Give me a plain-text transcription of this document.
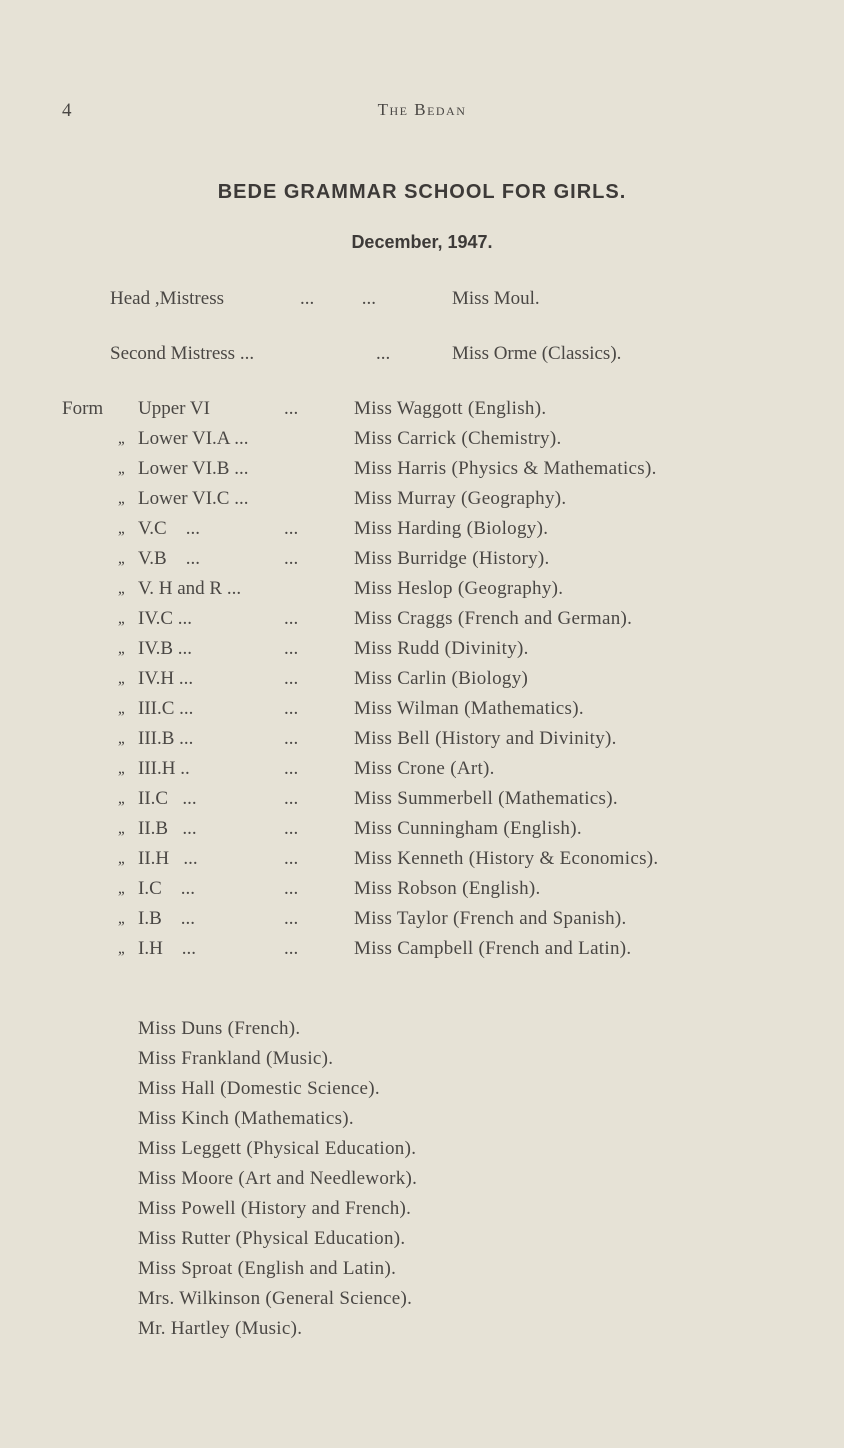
4	The Bedan
BEDE GRAMMAR SCHOOL FOR GIRLS.
December, 1947.
Head ,Mistress	...          ...	Miss Moul.
Second Mistress ...	...	Miss Orme (Classics).
Form Upper VI	...	Miss Waggott (English).
,, Lower VI.A ...	Miss Carrick (Chemistry).
,, Lower VI.B ...	Miss Harris (Physics & Mathematics).
,, Lower VI.C ...	Miss Murray (Geography).
,, V.C    ...	...	Miss Harding (Biology).
,, V.B    ...	...	Miss Burridge (History).
,, V. H and R ...	Miss Heslop (Geography).
,, IV.C ...	...	Miss Craggs (French and German).
,, IV.B ...	...	Miss Rudd (Divinity).
,, IV.H ...	...	Miss Carlin (Biology)
,, III.C ...	...	Miss Wilman (Mathematics).
,, III.B ...	...	Miss Bell (History and Divinity).
,, III.H ..	...	Miss Crone (Art).
,, II.C   ...	...	Miss Summerbell (Mathematics).
,, II.B   ...	...	Miss Cunningham (English).
,, II.H   ...	...	Miss Kenneth (History & Economics).
,, I.C    ...	...	Miss Robson (English).
,, I.B    ...	...	Miss Taylor (French and Spanish).
,, I.H    ...	...	Miss Campbell (French and Latin).
Miss Duns (French).
Miss Frankland (Music).
Miss Hall (Domestic Science).
Miss Kinch (Mathematics).
Miss Leggett (Physical Education).
Miss Moore (Art and Needlework).
Miss Powell (History and French).
Miss Rutter (Physical Education).
Miss Sproat (English and Latin).
Mrs. Wilkinson (General Science).
Mr. Hartley (Music).
